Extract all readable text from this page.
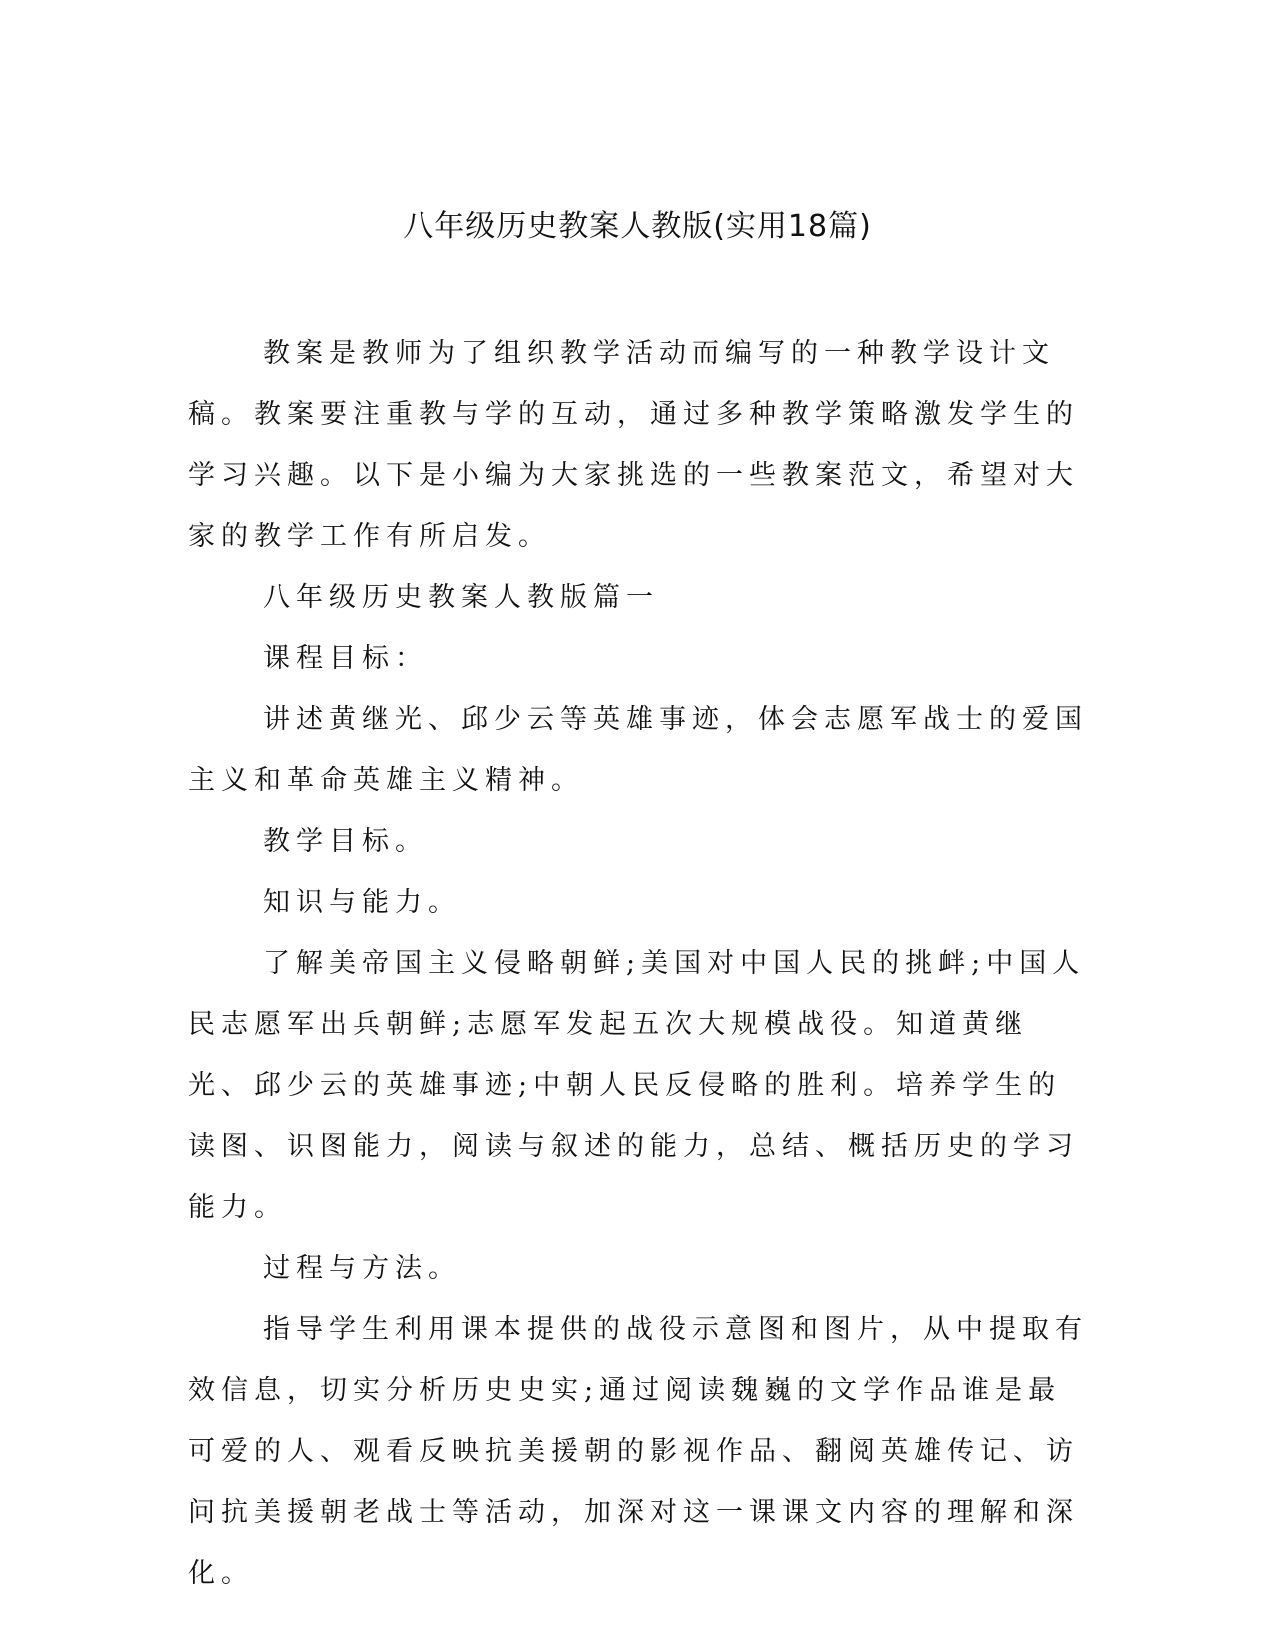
八年级历史教案人教版(实用18篇)

教案是教师为了组织教学活动而编写的一种教学设计文稿。教案要注重教与学的互动，通过多种教学策略激发学生的学习兴趣。以下是小编为大家挑选的一些教案范文，希望对大家的教学工作有所启发。

八年级历史教案人教版篇一

课程目标：

讲述黄继光、邱少云等英雄事迹，体会志愿军战士的爱国主义和革命英雄主义精神。

教学目标。

知识与能力。

了解美帝国主义侵略朝鲜;美国对中国人民的挑衅;中国人民志愿军出兵朝鲜;志愿军发起五次大规模战役。知道黄继光、邱少云的英雄事迹;中朝人民反侵略的胜利。培养学生的读图、识图能力，阅读与叙述的能力，总结、概括历史的学习能力。

过程与方法。

指导学生利用课本提供的战役示意图和图片，从中提取有效信息，切实分析历史史实;通过阅读魏巍的文学作品谁是最可爱的人、观看反映抗美援朝的影视作品、翻阅英雄传记、访问抗美援朝老战士等活动，加深对这一课课文内容的理解和深化。
